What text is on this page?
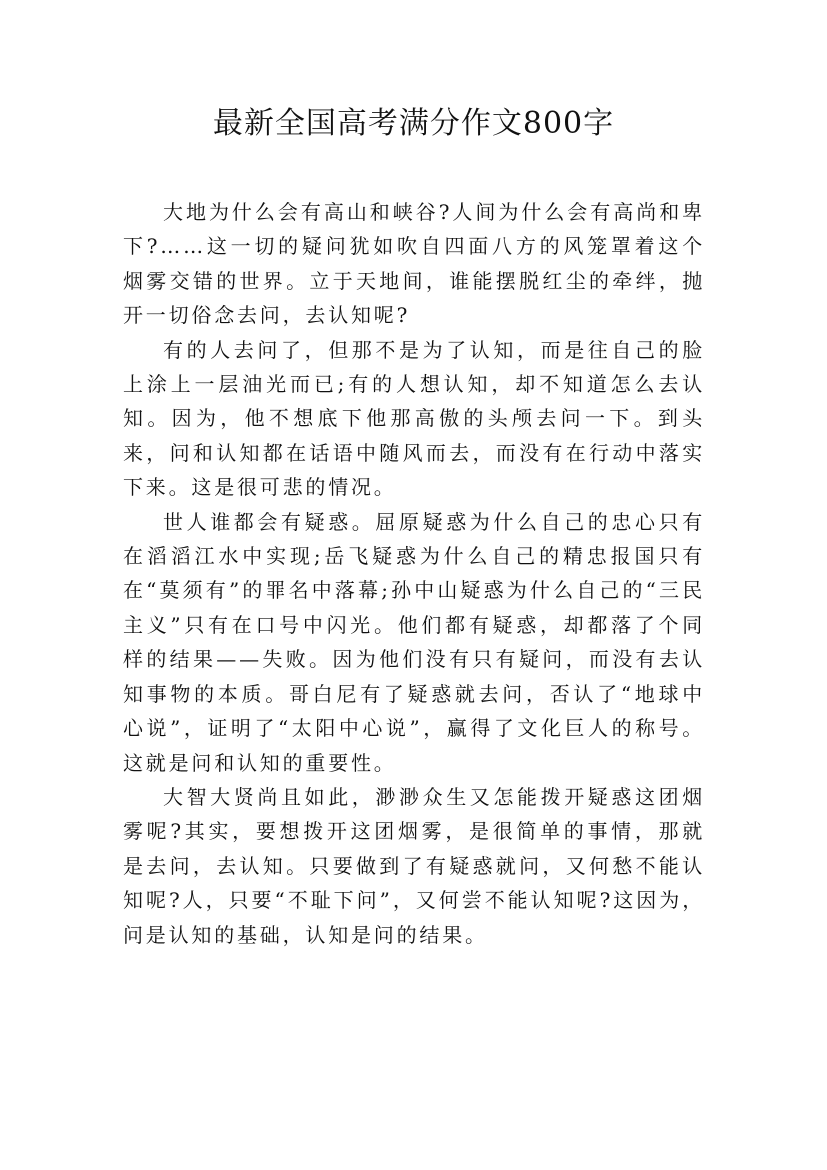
最新全国高考满分作文800字

大地为什么会有高山和峡谷?人间为什么会有高尚和卑下?……这一切的疑问犹如吹自四面八方的风笼罩着这个烟雾交错的世界。立于天地间，谁能摆脱红尘的牵绊，抛开一切俗念去问，去认知呢?

有的人去问了，但那不是为了认知，而是往自己的脸上涂上一层油光而已;有的人想认知，却不知道怎么去认知。因为，他不想底下他那高傲的头颅去问一下。到头来，问和认知都在话语中随风而去，而没有在行动中落实下来。这是很可悲的情况。

世人谁都会有疑惑。屈原疑惑为什么自己的忠心只有在滔滔江水中实现;岳飞疑惑为什么自己的精忠报国只有在“莫须有”的罪名中落幕;孙中山疑惑为什么自己的“三民主义”只有在口号中闪光。他们都有疑惑，却都落了个同样的结果——失败。因为他们没有只有疑问，而没有去认知事物的本质。哥白尼有了疑惑就去问，否认了“地球中心说”，证明了“太阳中心说”，赢得了文化巨人的称号。这就是问和认知的重要性。

大智大贤尚且如此，渺渺众生又怎能拨开疑惑这团烟雾呢?其实，要想拨开这团烟雾，是很简单的事情，那就是去问，去认知。只要做到了有疑惑就问，又何愁不能认知呢?人，只要“不耻下问”，又何尝不能认知呢?这因为，问是认知的基础，认知是问的结果。
